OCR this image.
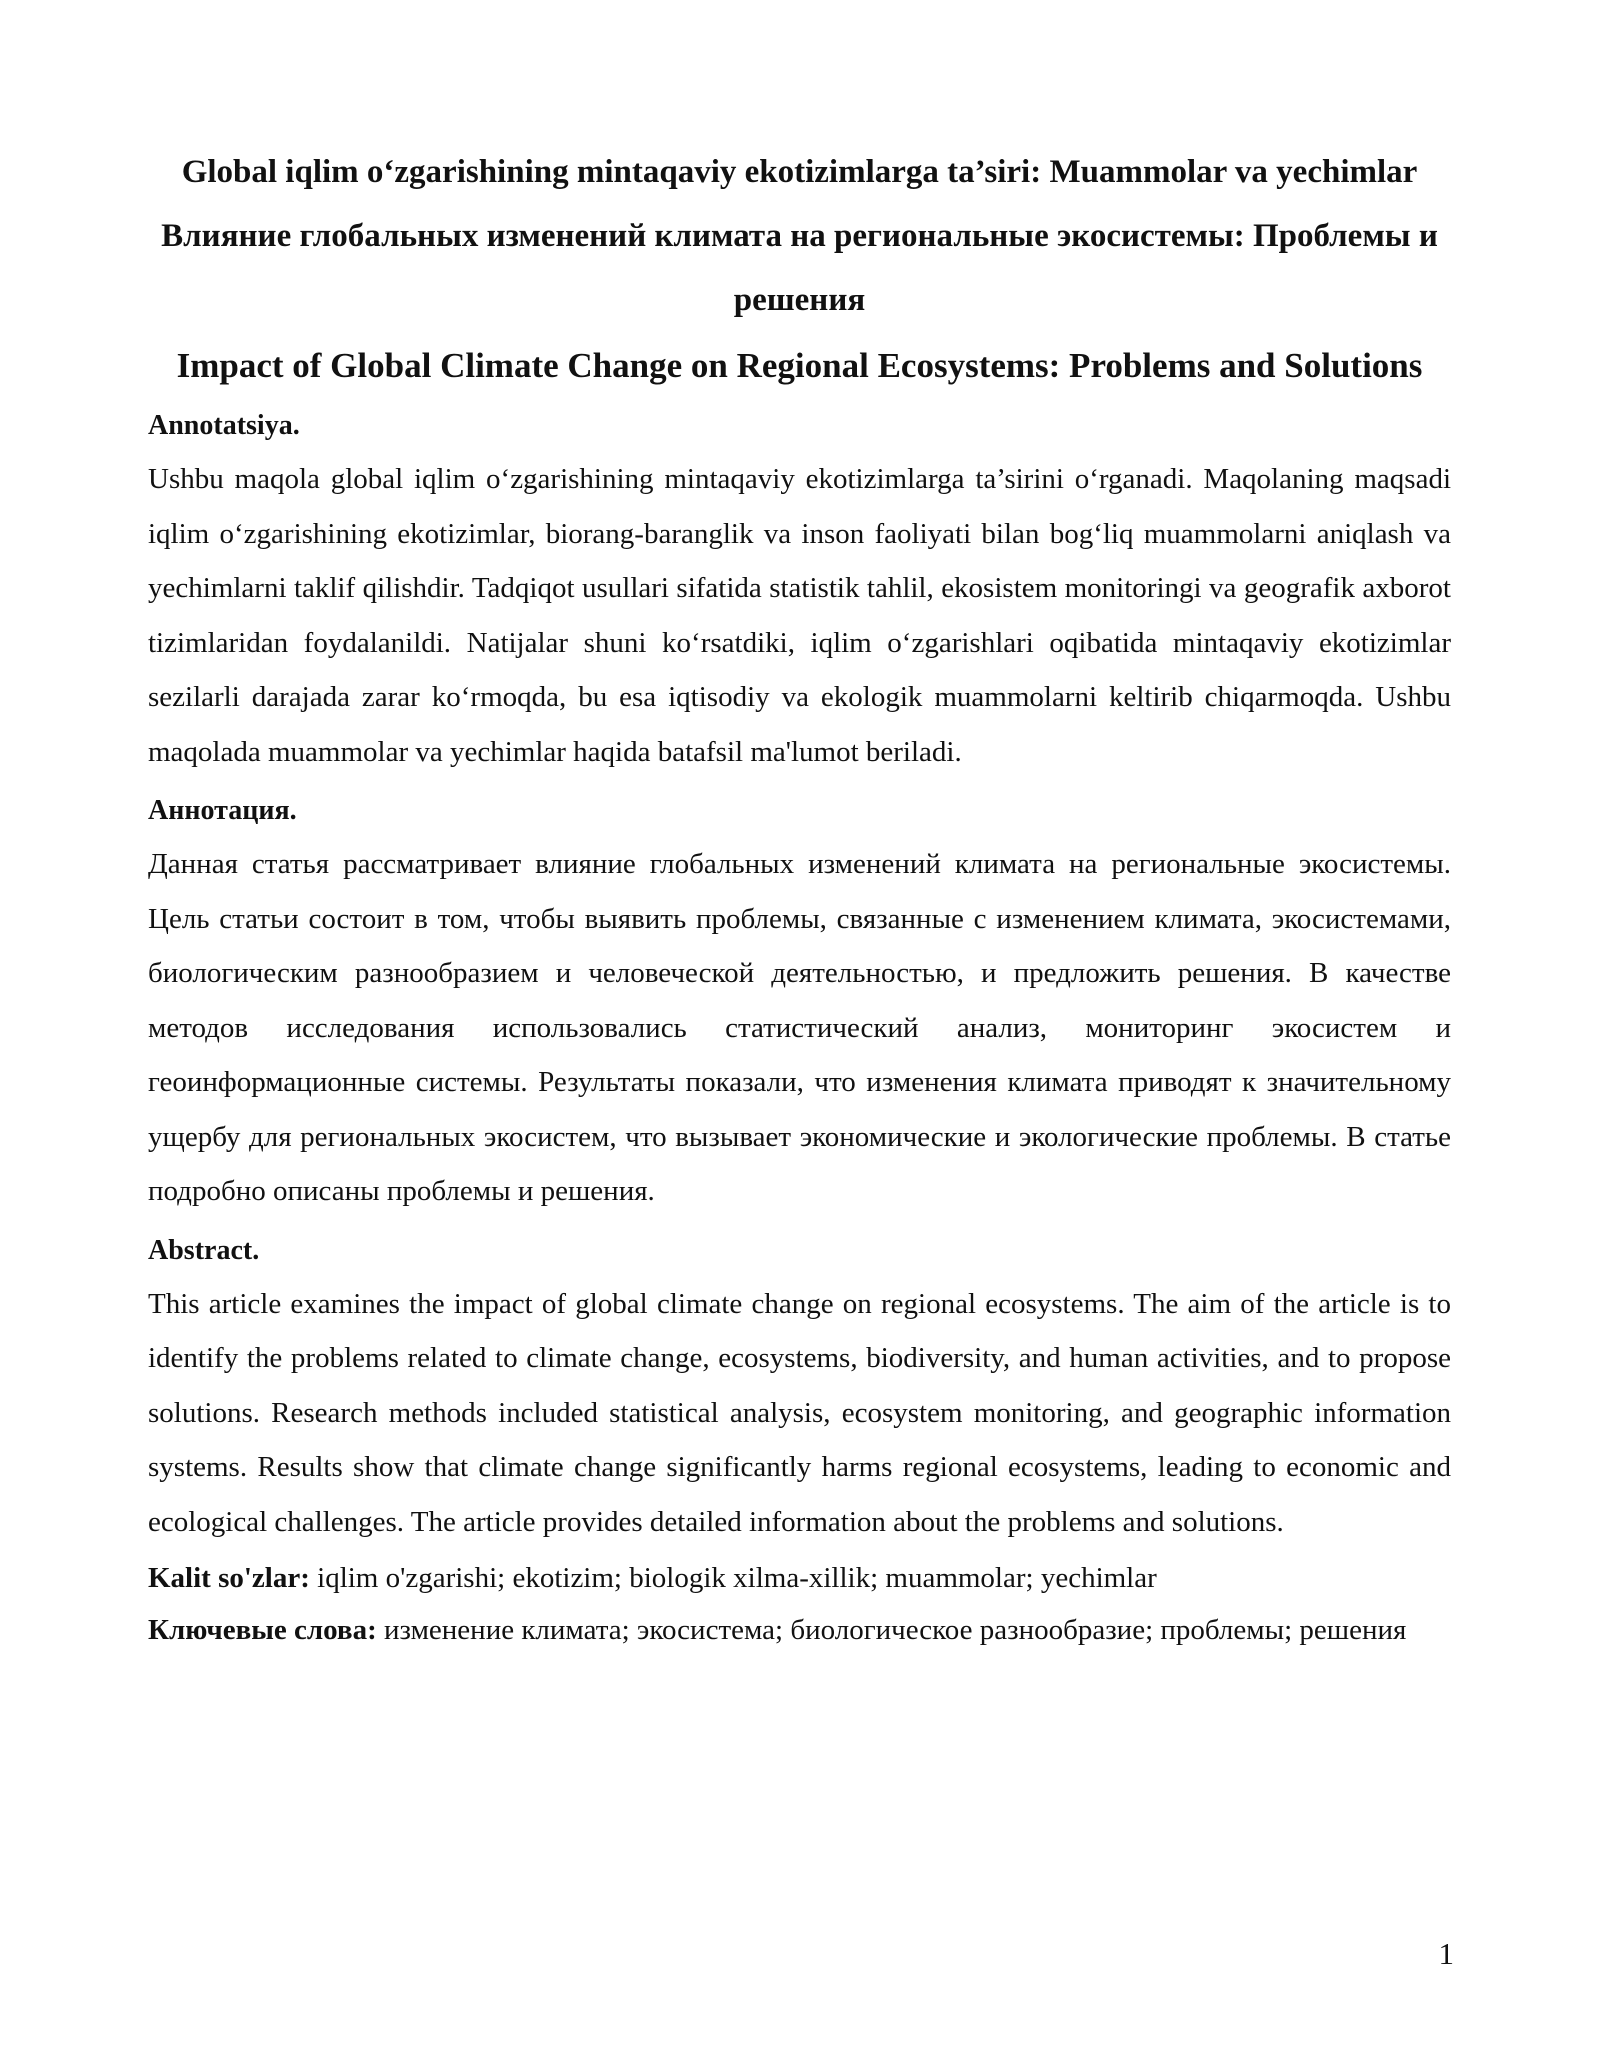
Global iqlim o‘zgarishining mintaqaviy ekotizimlarga ta’siri: Muammolar va yechimlar
Влияние глобальных изменений климата на региональные экосистемы: Проблемы и решения
Impact of Global Climate Change on Regional Ecosystems: Problems and Solutions
Annotatsiya.

Ushbu maqola global iqlim o‘zgarishining mintaqaviy ekotizimlarga ta’sirini o‘rganadi. Maqolaning maqsadi iqlim o‘zgarishining ekotizimlar, biorang-baranglik va inson faoliyati bilan bog‘liq muammolarni aniqlash va yechimlarni taklif qilishdir. Tadqiqot usullari sifatida statistik tahlil, ekosistem monitoringi va geografik axborot tizimlaridan foydalanildi. Natijalar shuni ko‘rsatdiki, iqlim o‘zgarishlari oqibatida mintaqaviy ekotizimlar sezilarli darajada zarar ko‘rmoqda, bu esa iqtisodiy va ekologik muammolarni keltirib chiqarmoqda. Ushbu maqolada muammolar va yechimlar haqida batafsil ma'lumot beriladi.

Аннотация.

Данная статья рассматривает влияние глобальных изменений климата на региональные экосистемы. Цель статьи состоит в том, чтобы выявить проблемы, связанные с изменением климата, экосистемами, биологическим разнообразием и человеческой деятельностью, и предложить решения. В качестве методов исследования использовались статистический анализ, мониторинг экосистем и геоинформационные системы. Результаты показали, что изменения климата приводят к значительному ущербу для региональных экосистем, что вызывает экономические и экологические проблемы. В статье подробно описаны проблемы и решения.

Abstract.

This article examines the impact of global climate change on regional ecosystems. The aim of the article is to identify the problems related to climate change, ecosystems, biodiversity, and human activities, and to propose solutions. Research methods included statistical analysis, ecosystem monitoring, and geographic information systems. Results show that climate change significantly harms regional ecosystems, leading to economic and ecological challenges. The article provides detailed information about the problems and solutions.

Kalit so'zlar: iqlim o'zgarishi; ekotizim; biologik xilma-xillik; muammolar; yechimlar

Ключевые слова: изменение климата; экосистема; биологическое разнообразие; проблемы; решения

1
